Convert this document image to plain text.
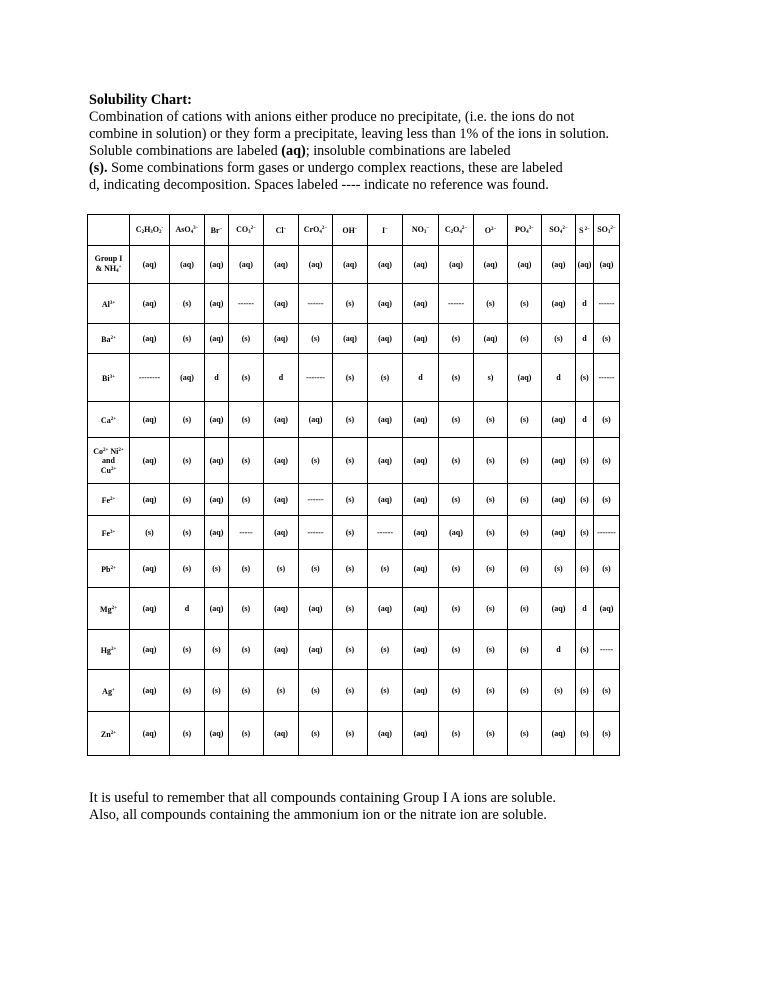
Solubility Chart:
Combination of cations with anions either produce no precipitate, (i.e. the ions do not
combine in solution) or they form a precipitate, leaving less than 1% of the ions in solution.
Soluble combinations are labeled (aq); insoluble combinations are labeled
(s). Some combinations form gases or undergo complex reactions, these are labeled
d, indicating decomposition. Spaces labeled ---- indicate no reference was found.
	$C_2H_3O_2^-$	AsO$_4^{3-}$	Br−	$CO_3^{2-}$	Cl−	CrO$_4^{2-}$	OH−	I−	$NO_3^-$	$C_2O_4^{2-}$	$O^{2-}$	$PO_4^{3-}$	$SO_4^{2-}$	S $^{2-}$	$SO_3^{2-}$
Group I
& $NH_4^+$	(aq)	(aq)	(aq)	(aq)	(aq)	(aq)	(aq)	(aq)	(aq)	(aq)	(aq)	(aq)	(aq)	(aq)	(aq)
$Al^{3+}$	(aq)	(s)	(aq)	------	(aq)	------	(s)	(aq)	(aq)	------	(s)	(s)	(aq)	d	------
$Ba^{2+}$	(aq)	(s)	(aq)	(s)	(aq)	(s)	(aq)	(aq)	(aq)	(s)	(aq)	(s)	(s)	d	(s)
$Bi^{3+}$	--------	(aq)	d	(s)	d	-------	(s)	(s)	d	(s)	s)	(aq)	d	(s)	------
$Ca^{2+}$	(aq)	(s)	(aq)	(s)	(aq)	(aq)	(s)	(aq)	(aq)	(s)	(s)	(s)	(aq)	d	(s)
$Co^{2+}$ $Ni^{2+}$
and
$Cu^{2+}$	(aq)	(s)	(aq)	(s)	(aq)	(s)	(s)	(aq)	(aq)	(s)	(s)	(s)	(aq)	(s)	(s)
$Fe^{2+}$	(aq)	(s)	(aq)	(s)	(aq)	------	(s)	(aq)	(aq)	(s)	(s)	(s)	(aq)	(s)	(s)
$Fe^{3+}$	(s)	(s)	(aq)	-----	(aq)	------	(s)	------	(aq)	(aq)	(s)	(s)	(aq)	(s)	-------
$Pb^{2+}$	(aq)	(s)	(s)	(s)	(s)	(s)	(s)	(s)	(aq)	(s)	(s)	(s)	(s)	(s)	(s)
$Mg^{2+}$	(aq)	d	(aq)	(s)	(aq)	(aq)	(s)	(aq)	(aq)	(s)	(s)	(s)	(aq)	d	(aq)
$Hg^{2+}$	(aq)	(s)	(s)	(s)	(aq)	(aq)	(s)	(s)	(aq)	(s)	(s)	(s)	d	(s)	-----
Ag+	(aq)	(s)	(s)	(s)	(s)	(s)	(s)	(s)	(aq)	(s)	(s)	(s)	(s)	(s)	(s)
$Zn^{2+}$	(aq)	(s)	(aq)	(s)	(aq)	(s)	(s)	(aq)	(aq)	(s)	(s)	(s)	(aq)	(s)	(s)
It is useful to remember that all compounds containing Group I A ions are soluble.
Also, all compounds containing the ammonium ion or the nitrate ion are soluble.
